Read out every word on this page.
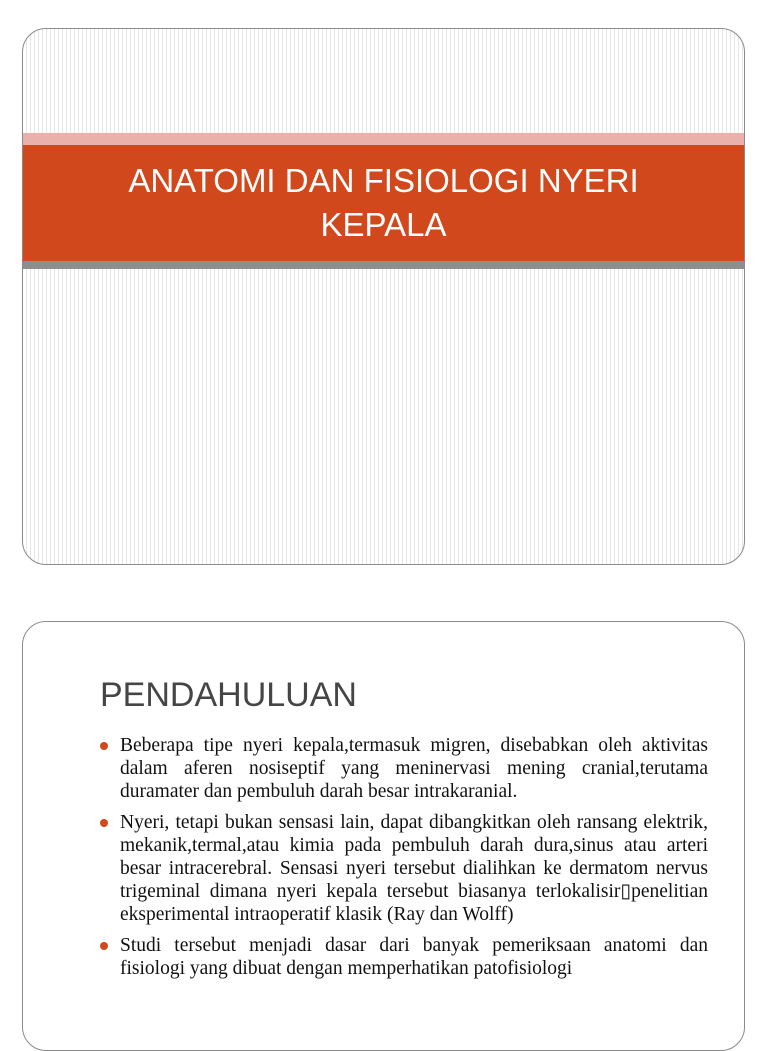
ANATOMI DAN FISIOLOGI NYERI KEPALA
PENDAHULUAN
Beberapa tipe nyeri kepala,termasuk migren, disebabkan oleh aktivitas dalam aferen nosiseptif yang meninervasi mening cranial,terutama duramater dan pembuluh darah besar intrakaranial.
Nyeri, tetapi bukan sensasi lain, dapat dibangkitkan oleh ransang elektrik, mekanik,termal,atau kimia pada pembuluh darah dura,sinus atau arteri besar intracerebral. Sensasi nyeri tersebut dialihkan ke dermatom nervus trigeminal dimana nyeri kepala tersebut biasanya terlokalisir▯penelitian eksperimental intraoperatif klasik (Ray dan Wolff)
Studi tersebut menjadi dasar dari banyak pemeriksaan anatomi dan fisiologi yang dibuat dengan memperhatikan patofisiologi
